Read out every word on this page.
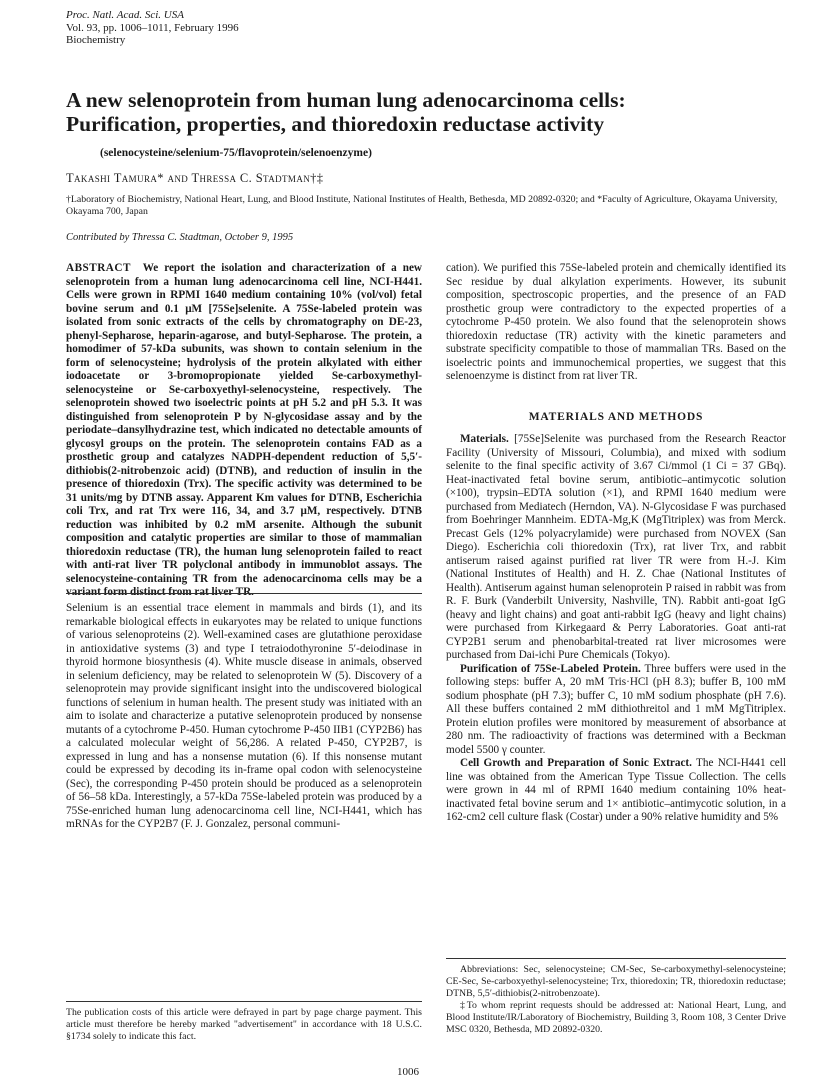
Proc. Natl. Acad. Sci. USA
Vol. 93, pp. 1006–1011, February 1996
Biochemistry
A new selenoprotein from human lung adenocarcinoma cells:
Purification, properties, and thioredoxin reductase activity
(selenocysteine/selenium-75/flavoprotein/selenoenzyme)
Takashi Tamura* and Thressa C. Stadtman†‡
†Laboratory of Biochemistry, National Heart, Lung, and Blood Institute, National Institutes of Health, Bethesda, MD 20892-0320; and *Faculty of Agriculture, Okayama University, Okayama 700, Japan
Contributed by Thressa C. Stadtman, October 9, 1995
ABSTRACT We report the isolation and characterization of a new selenoprotein from a human lung adenocarcinoma cell line, NCI-H441. Cells were grown in RPMI 1640 medium containing 10% (vol/vol) fetal bovine serum and 0.1 μM [75Se]selenite. A 75Se-labeled protein was isolated from sonic extracts of the cells by chromatography on DE-23, phenyl-Sepharose, heparin-agarose, and butyl-Sepharose. The protein, a homodimer of 57-kDa subunits, was shown to contain selenium in the form of selenocysteine; hydrolysis of the protein alkylated with either iodoacetate or 3-bromopropionate yielded Se-carboxymethyl-selenocysteine or Se-carboxyethyl-selenocysteine, respectively. The selenoprotein showed two isoelectric points at pH 5.2 and pH 5.3. It was distinguished from selenoprotein P by N-glycosidase assay and by the periodate–dansylhydrazine test, which indicated no detectable amounts of glycosyl groups on the protein. The selenoprotein contains FAD as a prosthetic group and catalyzes NADPH-dependent reduction of 5,5′-dithiobis(2-nitrobenzoic acid) (DTNB), and reduction of insulin in the presence of thioredoxin (Trx). The specific activity was determined to be 31 units/mg by DTNB assay. Apparent Km values for DTNB, Escherichia coli Trx, and rat Trx were 116, 34, and 3.7 μM, respectively. DTNB reduction was inhibited by 0.2 mM arsenite. Although the subunit composition and catalytic properties are similar to those of mammalian thioredoxin reductase (TR), the human lung selenoprotein failed to react with anti-rat liver TR polyclonal antibody in immunoblot assays. The selenocysteine-containing TR from the adenocarcinoma cells may be a variant form distinct from rat liver TR.
Selenium is an essential trace element in mammals and birds (1), and its remarkable biological effects in eukaryotes may be related to unique functions of various selenoproteins (2). Well-examined cases are glutathione peroxidase in antioxidative systems (3) and type I tetraiodothyronine 5′-deiodinase in thyroid hormone biosynthesis (4). White muscle disease in animals, observed in selenium deficiency, may be related to selenoprotein W (5). Discovery of a selenoprotein may provide significant insight into the undiscovered biological functions of selenium in human health. The present study was initiated with an aim to isolate and characterize a putative selenoprotein produced by nonsense mutants of a cytochrome P-450. Human cytochrome P-450 IIB1 (CYP2B6) has a calculated molecular weight of 56,286. A related P-450, CYP2B7, is expressed in lung and has a nonsense mutation (6). If this nonsense mutant could be expressed by decoding its in-frame opal codon with selenocysteine (Sec), the corresponding P-450 protein should be produced as a selenoprotein of 56–58 kDa. Interestingly, a 57-kDa 75Se-labeled protein was produced by a 75Se-enriched human lung adenocarcinoma cell line, NCI-H441, which has mRNAs for the CYP2B7 (F. J. Gonzalez, personal communi-
The publication costs of this article were defrayed in part by page charge payment. This article must therefore be hereby marked "advertisement" in accordance with 18 U.S.C. §1734 solely to indicate this fact.
cation). We purified this 75Se-labeled protein and chemically identified its Sec residue by dual alkylation experiments. However, its subunit composition, spectroscopic properties, and the presence of an FAD prosthetic group were contradictory to the expected properties of a cytochrome P-450 protein. We also found that the selenoprotein shows thioredoxin reductase (TR) activity with the kinetic parameters and substrate specificity compatible to those of mammalian TRs. Based on the isoelectric points and immunochemical properties, we suggest that this selenoenzyme is distinct from rat liver TR.
MATERIALS AND METHODS

Materials. [75Se]Selenite was purchased from the Research Reactor Facility (University of Missouri, Columbia), and mixed with sodium selenite to the final specific activity of 3.67 Ci/mmol (1 Ci = 37 GBq). Heat-inactivated fetal bovine serum, antibiotic–antimycotic solution (×100), trypsin–EDTA solution (×1), and RPMI 1640 medium were purchased from Mediatech (Herndon, VA). N-Glycosidase F was purchased from Boehringer Mannheim. EDTA-Mg,K (MgTitriplex) was from Merck. Precast Gels (12% polyacrylamide) were purchased from NOVEX (San Diego). Escherichia coli thioredoxin (Trx), rat liver Trx, and rabbit antiserum raised against purified rat liver TR were from H.-J. Kim (National Institutes of Health) and H. Z. Chae (National Institutes of Health). Antiserum against human selenoprotein P raised in rabbit was from R. F. Burk (Vanderbilt University, Nashville, TN). Rabbit anti-goat IgG (heavy and light chains) and goat anti-rabbit IgG (heavy and light chains) were purchased from Kirkegaard & Perry Laboratories. Goat anti-rat CYP2B1 serum and phenobarbital-treated rat liver microsomes were purchased from Dai-ichi Pure Chemicals (Tokyo).

Purification of 75Se-Labeled Protein. Three buffers were used in the following steps: buffer A, 20 mM Tris·HCl (pH 8.3); buffer B, 100 mM sodium phosphate (pH 7.3); buffer C, 10 mM sodium phosphate (pH 7.6). All these buffers contained 2 mM dithiothreitol and 1 mM MgTitriplex. Protein elution profiles were monitored by measurement of absorbance at 280 nm. The radioactivity of fractions was determined with a Beckman model 5500 γ counter.

Cell Growth and Preparation of Sonic Extract. The NCI-H441 cell line was obtained from the American Type Tissue Collection. The cells were grown in 44 ml of RPMI 1640 medium containing 10% heat-inactivated fetal bovine serum and 1× antibiotic–antimycotic solution, in a 162-cm2 cell culture flask (Costar) under a 90% relative humidity and 5%

Abbreviations: Sec, selenocysteine; CM-Sec, Se-carboxymethyl-selenocysteine; CE-Sec, Se-carboxyethyl-selenocysteine; Trx, thioredoxin; TR, thioredoxin reductase; DTNB, 5,5′-dithiobis(2-nitrobenzoate).

‡To whom reprint requests should be addressed at: National Heart, Lung, and Blood Institute/IR/Laboratory of Biochemistry, Building 3, Room 108, 3 Center Drive MSC 0320, Bethesda, MD 20892-0320.

1006
